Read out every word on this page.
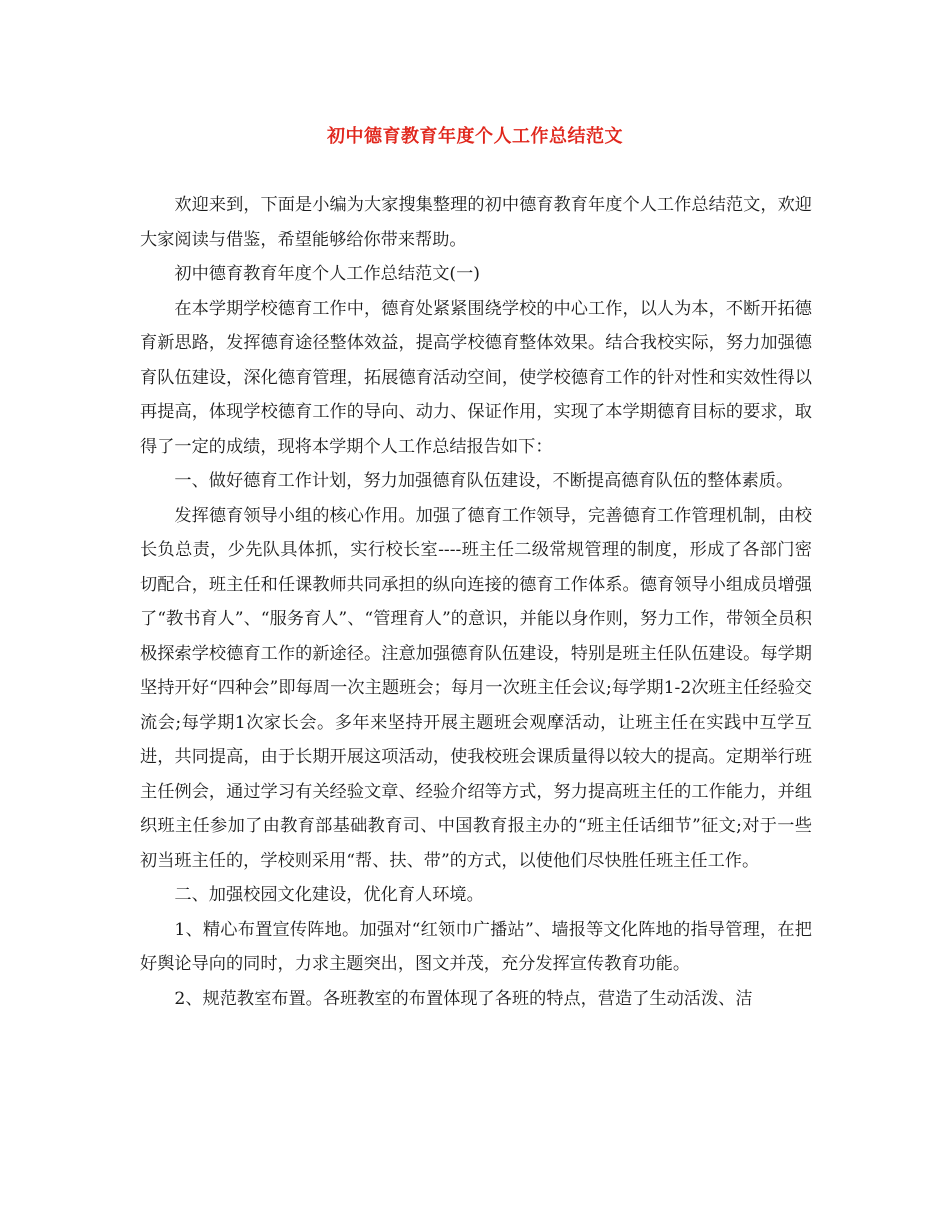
初中德育教育年度个人工作总结范文

欢迎来到，下面是小编为大家搜集整理的初中德育教育年度个人工作总结范文，欢迎大家阅读与借鉴，希望能够给你带来帮助。

初中德育教育年度个人工作总结范文(一)

在本学期学校德育工作中，德育处紧紧围绕学校的中心工作，以人为本，不断开拓德育新思路，发挥德育途径整体效益，提高学校德育整体效果。结合我校实际，努力加强德育队伍建设，深化德育管理，拓展德育活动空间，使学校德育工作的针对性和实效性得以再提高，体现学校德育工作的导向、动力、保证作用，实现了本学期德育目标的要求，取得了一定的成绩，现将本学期个人工作总结报告如下：

一、做好德育工作计划，努力加强德育队伍建设，不断提高德育队伍的整体素质。

发挥德育领导小组的核心作用。加强了德育工作领导，完善德育工作管理机制，由校长负总责，少先队具体抓，实行校长室----班主任二级常规管理的制度，形成了各部门密切配合，班主任和任课教师共同承担的纵向连接的德育工作体系。德育领导小组成员增强了“教书育人”、“服务育人”、“管理育人”的意识，并能以身作则，努力工作，带领全员积极探索学校德育工作的新途径。注意加强德育队伍建设，特别是班主任队伍建设。每学期坚持开好“四种会”即每周一次主题班会；每月一次班主任会议;每学期1-2次班主任经验交流会;每学期1次家长会。多年来坚持开展主题班会观摩活动，让班主任在实践中互学互进，共同提高，由于长期开展这项活动，使我校班会课质量得以较大的提高。定期举行班主任例会，通过学习有关经验文章、经验介绍等方式，努力提高班主任的工作能力，并组织班主任参加了由教育部基础教育司、中国教育报主办的“班主任话细节”征文;对于一些初当班主任的，学校则采用“帮、扶、带”的方式，以使他们尽快胜任班主任工作。

二、加强校园文化建设，优化育人环境。

1、精心布置宣传阵地。加强对“红领巾广播站”、墙报等文化阵地的指导管理，在把好舆论导向的同时，力求主题突出，图文并茂，充分发挥宣传教育功能。

2、规范教室布置。各班教室的布置体现了各班的特点，营造了生动活泼、洁
